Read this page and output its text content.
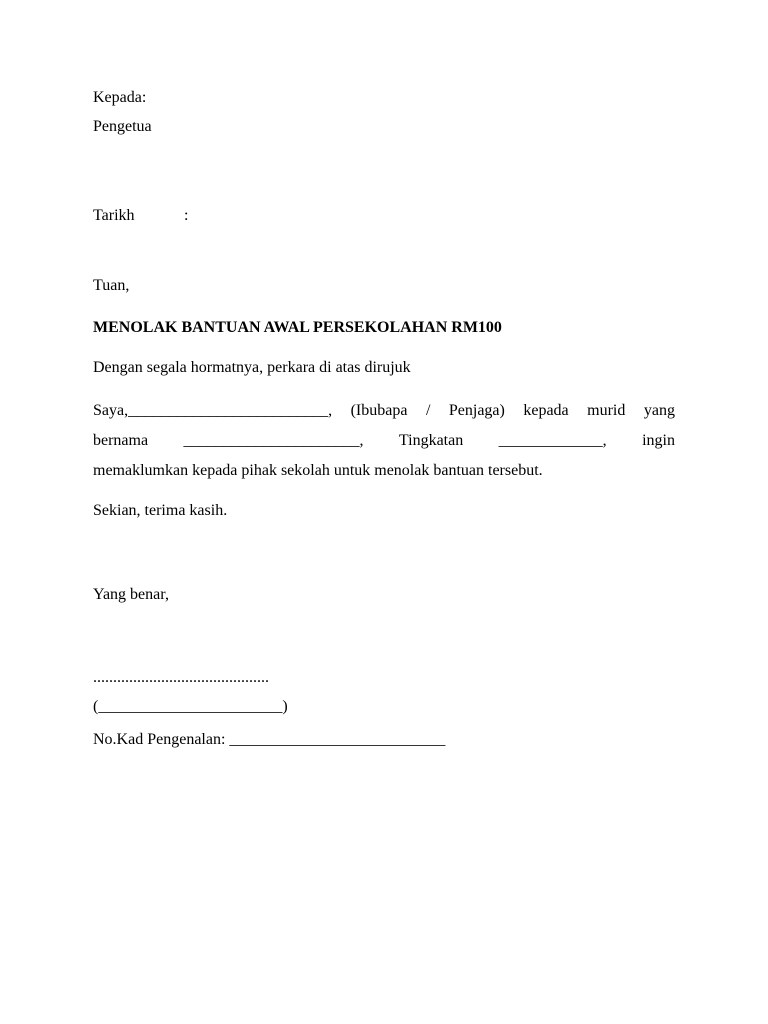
Kepada:
Pengetua
Tarikh	:
Tuan,
MENOLAK BANTUAN AWAL PERSEKOLAHAN RM100
Dengan segala hormatnya, perkara di atas dirujuk
Saya,_________________________, (Ibubapa / Penjaga) kepada murid yang
bernama ______________________, Tingkatan _____________, ingin
memaklumkan kepada pihak sekolah untuk menolak bantuan tersebut.
Sekian, terima kasih.
Yang benar,
............................................
(_______________________)
No.Kad Pengenalan: ___________________________
